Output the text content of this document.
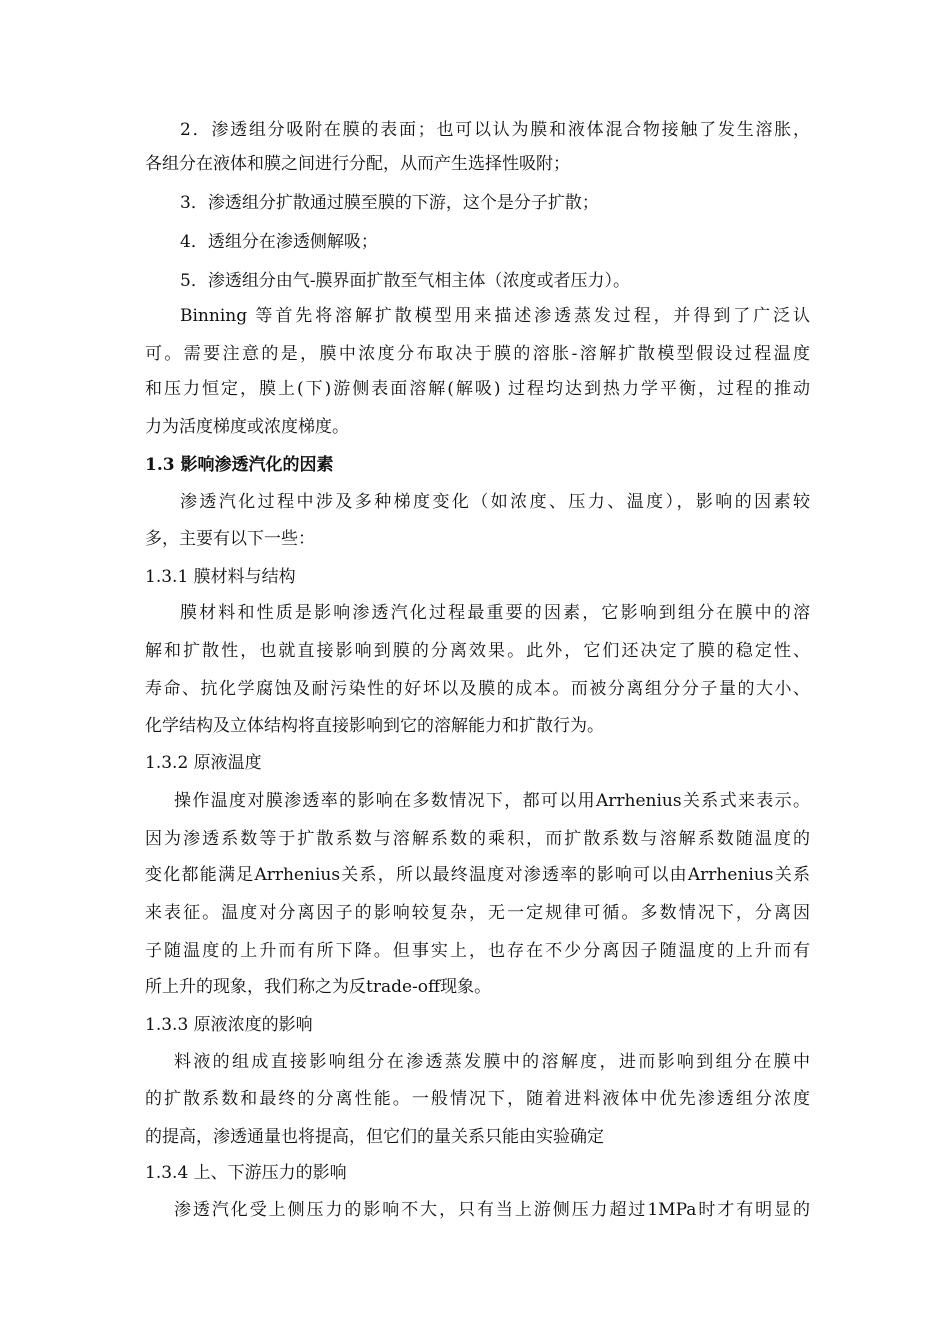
2．渗透组分吸附在膜的表面；也可以认为膜和液体混合物接触了发生溶胀，
各组分在液体和膜之间进行分配，从而产生选择性吸附；
3．渗透组分扩散通过膜至膜的下游，这个是分子扩散；
4．透组分在渗透侧解吸；
5．渗透组分由气-膜界面扩散至气相主体（浓度或者压力）。
Binning 等首先将溶解扩散模型用来描述渗透蒸发过程，并得到了广泛认
可。需要注意的是，膜中浓度分布取决于膜的溶胀-溶解扩散模型假设过程温度
和压力恒定，膜上(下)游侧表面溶解(解吸) 过程均达到热力学平衡，过程的推动
力为活度梯度或浓度梯度。
1.3 影响渗透汽化的因素
渗透汽化过程中涉及多种梯度变化（如浓度、压力、温度），影响的因素较
多，主要有以下一些：
1.3.1 膜材料与结构
膜材料和性质是影响渗透汽化过程最重要的因素，它影响到组分在膜中的溶
解和扩散性，也就直接影响到膜的分离效果。此外，它们还决定了膜的稳定性、
寿命、抗化学腐蚀及耐污染性的好坏以及膜的成本。而被分离组分分子量的大小、
化学结构及立体结构将直接影响到它的溶解能力和扩散行为。
1.3.2 原液温度
操作温度对膜渗透率的影响在多数情况下，都可以用Arrhenius关系式来表示。
因为渗透系数等于扩散系数与溶解系数的乘积，而扩散系数与溶解系数随温度的
变化都能满足Arrhenius关系，所以最终温度对渗透率的影响可以由Arrhenius关系
来表征。温度对分离因子的影响较复杂，无一定规律可循。多数情况下，分离因
子随温度的上升而有所下降。但事实上，也存在不少分离因子随温度的上升而有
所上升的现象，我们称之为反trade-off现象。
1.3.3 原液浓度的影响
料液的组成直接影响组分在渗透蒸发膜中的溶解度，进而影响到组分在膜中
的扩散系数和最终的分离性能。一般情况下，随着进料液体中优先渗透组分浓度
的提高，渗透通量也将提高，但它们的量关系只能由实验确定
1.3.4 上、下游压力的影响
渗透汽化受上侧压力的影响不大，只有当上游侧压力超过1MPa时才有明显的
